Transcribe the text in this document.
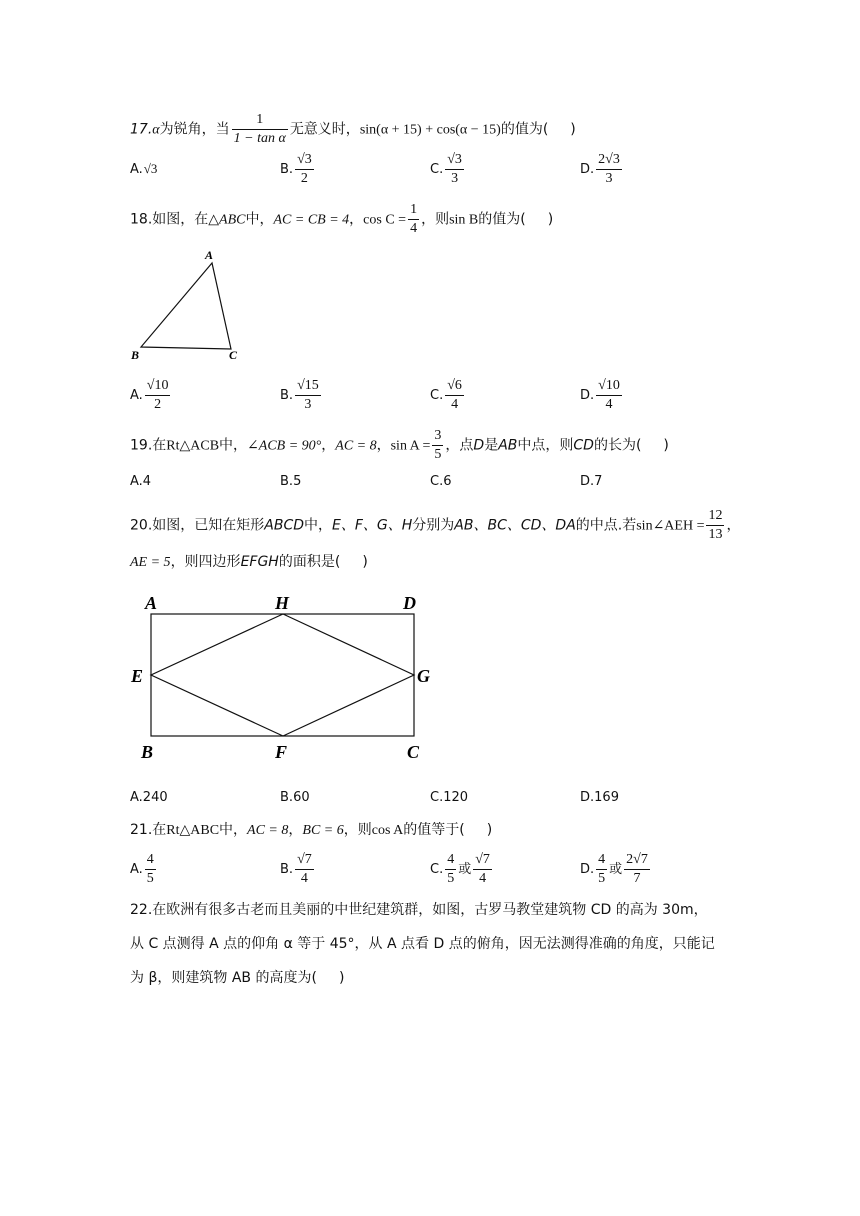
17.α为锐角，当 $\frac{1}{\text{1 − tan α}}$ 无意义时，sin(α + 15) + cos(α − 15)的值为( )
A.√3	B. $\frac{√3}{2}$	C. $\frac{√3}{3}$	D. $\frac{2√3}{3}$
18.如图，在△ABC中，AC = CB = 4，$\cos C = \frac{1}{4}$ ，则sin B的值为( )
A
B	C
A. $\frac{√10}{2}$	B. $\frac{√15}{3}$	C. $\frac{√6}{4}$	D. $\frac{√10}{4}$
19.在Rt△ACB中，∠ACB = 90°，AC = 8，$\sin A = \frac{3}{5}$ ，点D是AB中点，则CD的长为( )
A.4	B.5	C.6	D.7
20.如图，已知在矩形ABCD中，E、F、G、H分别为AB、BC、CD、DA的中点.若sin∠AEH = $\frac{12}{13}$ ，
AE = 5，则四边形EFGH的面积是( )
A	H	D
E	G
B	F	C
A.240	B.60	C.120	D.169
21.在Rt△ABC中，AC = 8，BC = 6，则cos A的值等于( )
A. $\frac{4}{5}$	B. $\frac{√7}{4}$	C. $\frac{4}{5}$ 或 $\frac{√7}{4}$	D. $\frac{4}{5}$ 或 $\frac{2√7}{7}$
22.在欧洲有很多古老而且美丽的中世纪建筑群，如图，古罗马教堂建筑物 CD 的高为 30m，
从 C 点测得 A 点的仰角 α 等于 45°，从 A 点看 D 点的俯角，因无法测得准确的角度，只能记
为 β，则建筑物 AB 的高度为( )
